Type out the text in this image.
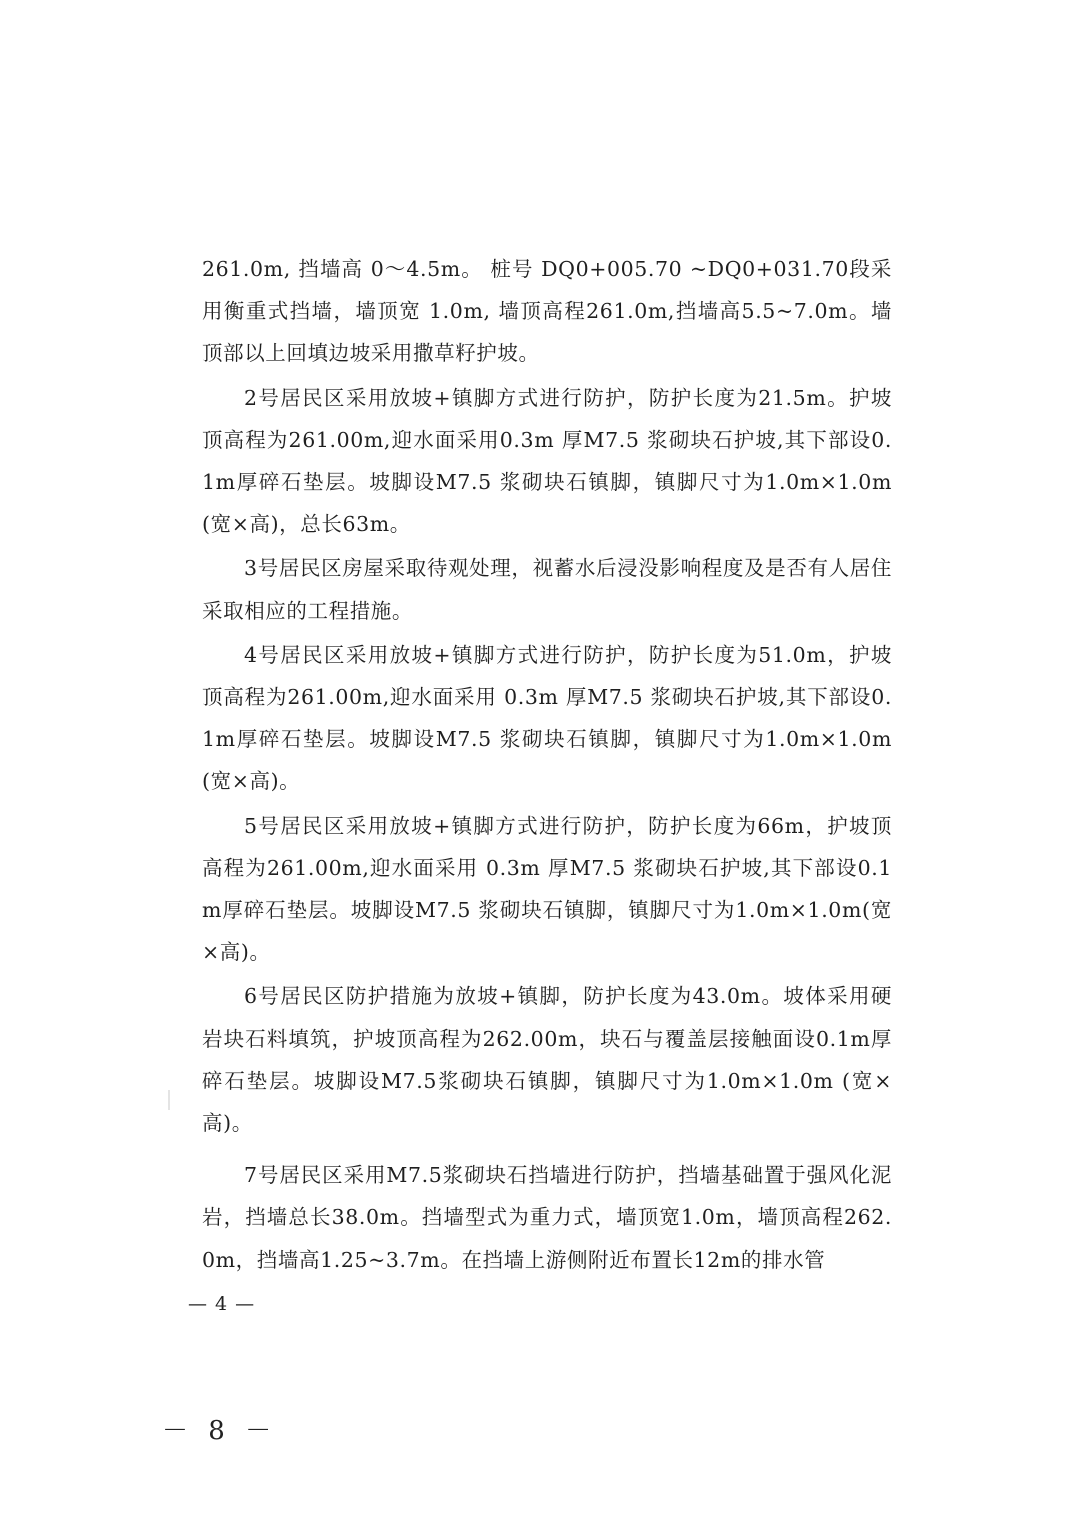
261.0m, 挡墙高 0～4.5m。 桩号 DQ0+005.70 ~DQ0+031.70段采用衡重式挡墙，墙顶宽 1.0m, 墙顶高程261.0m,挡墙高5.5~7.0m。墙顶部以上回填边坡采用撒草籽护坡。

2号居民区采用放坡+镇脚方式进行防护，防护长度为21.5m。护坡顶高程为261.00m,迎水面采用0.3m 厚M7.5 浆砌块石护坡,其下部设0.1m厚碎石垫层。坡脚设M7.5 浆砌块石镇脚，镇脚尺寸为1.0m×1.0m (宽×高)，总长63m。

3号居民区房屋采取待观处理，视蓄水后浸没影响程度及是否有人居住采取相应的工程措施。

4号居民区采用放坡+镇脚方式进行防护，防护长度为51.0m，护坡顶高程为261.00m,迎水面采用 0.3m 厚M7.5 浆砌块石护坡,其下部设0.1m厚碎石垫层。坡脚设M7.5 浆砌块石镇脚，镇脚尺寸为1.0m×1.0m(宽×高)。

5号居民区采用放坡+镇脚方式进行防护，防护长度为66m，护坡顶高程为261.00m,迎水面采用 0.3m 厚M7.5 浆砌块石护坡,其下部设0.1m厚碎石垫层。坡脚设M7.5 浆砌块石镇脚，镇脚尺寸为1.0m×1.0m(宽×高)。

6号居民区防护措施为放坡+镇脚，防护长度为43.0m。坡体采用硬岩块石料填筑，护坡顶高程为262.00m，块石与覆盖层接触面设0.1m厚碎石垫层。坡脚设M7.5浆砌块石镇脚，镇脚尺寸为1.0m×1.0m (宽×高)。

7号居民区采用M7.5浆砌块石挡墙进行防护，挡墙基础置于强风化泥岩，挡墙总长38.0m。挡墙型式为重力式，墙顶宽1.0m，墙顶高程262.0m，挡墙高1.25~3.7m。在挡墙上游侧附近布置长12m的排水管

— 4 —
－ 8 －
